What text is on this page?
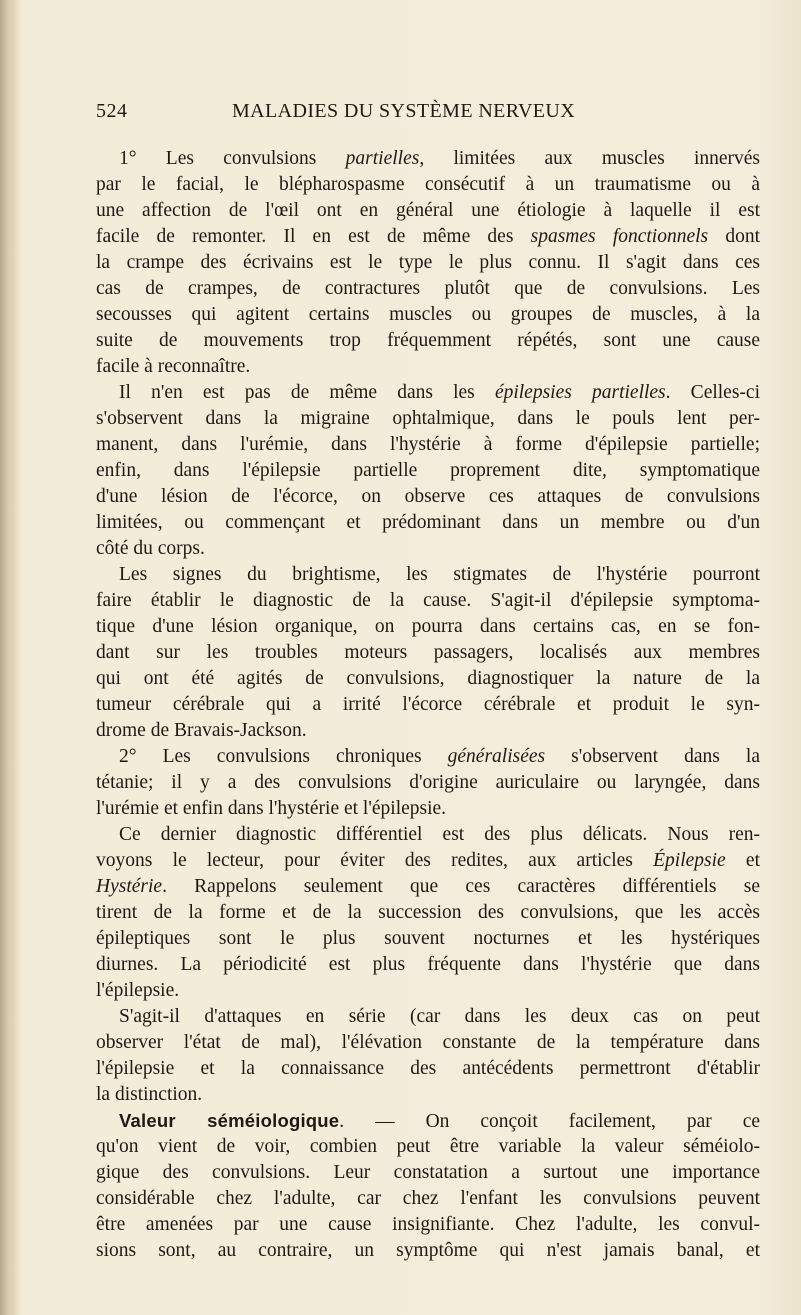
524	MALADIES DU SYSTÈME NERVEUX
1° Les convulsions partielles, limitées aux muscles innervés
par le facial, le blépharospasme consécutif à un traumatisme ou à
une affection de l'œil ont en général une étiologie à laquelle il est
facile de remonter. Il en est de même des spasmes fonctionnels dont
la crampe des écrivains est le type le plus connu. Il s'agit dans ces
cas de crampes, de contractures plutôt que de convulsions. Les
secousses qui agitent certains muscles ou groupes de muscles, à la
suite de mouvements trop fréquemment répétés, sont une cause
facile à reconnaître.
Il n'en est pas de même dans les épilepsies partielles. Celles-ci
s'observent dans la migraine ophtalmique, dans le pouls lent per-
manent, dans l'urémie, dans l'hystérie à forme d'épilepsie partielle;
enfin, dans l'épilepsie partielle proprement dite, symptomatique
d'une lésion de l'écorce, on observe ces attaques de convulsions
limitées, ou commençant et prédominant dans un membre ou d'un
côté du corps.
Les signes du brightisme, les stigmates de l'hystérie pourront
faire établir le diagnostic de la cause. S'agit-il d'épilepsie symptoma-
tique d'une lésion organique, on pourra dans certains cas, en se fon-
dant sur les troubles moteurs passagers, localisés aux membres
qui ont été agités de convulsions, diagnostiquer la nature de la
tumeur cérébrale qui a irrité l'écorce cérébrale et produit le syn-
drome de Bravais-Jackson.
2° Les convulsions chroniques généralisées s'observent dans la
tétanie; il y a des convulsions d'origine auriculaire ou laryngée, dans
l'urémie et enfin dans l'hystérie et l'épilepsie.
Ce dernier diagnostic différentiel est des plus délicats. Nous ren-
voyons le lecteur, pour éviter des redites, aux articles Épilepsie et
Hystérie. Rappelons seulement que ces caractères différentiels se
tirent de la forme et de la succession des convulsions, que les accès
épileptiques sont le plus souvent nocturnes et les hystériques
diurnes. La périodicité est plus fréquente dans l'hystérie que dans
l'épilepsie.
S'agit-il d'attaques en série (car dans les deux cas on peut
observer l'état de mal), l'élévation constante de la température dans
l'épilepsie et la connaissance des antécédents permettront d'établir
la distinction.
Valeur séméiologique. — On conçoit facilement, par ce
qu'on vient de voir, combien peut être variable la valeur séméiolo-
gique des convulsions. Leur constatation a surtout une importance
considérable chez l'adulte, car chez l'enfant les convulsions peuvent
être amenées par une cause insignifiante. Chez l'adulte, les convul-
sions sont, au contraire, un symptôme qui n'est jamais banal, et
